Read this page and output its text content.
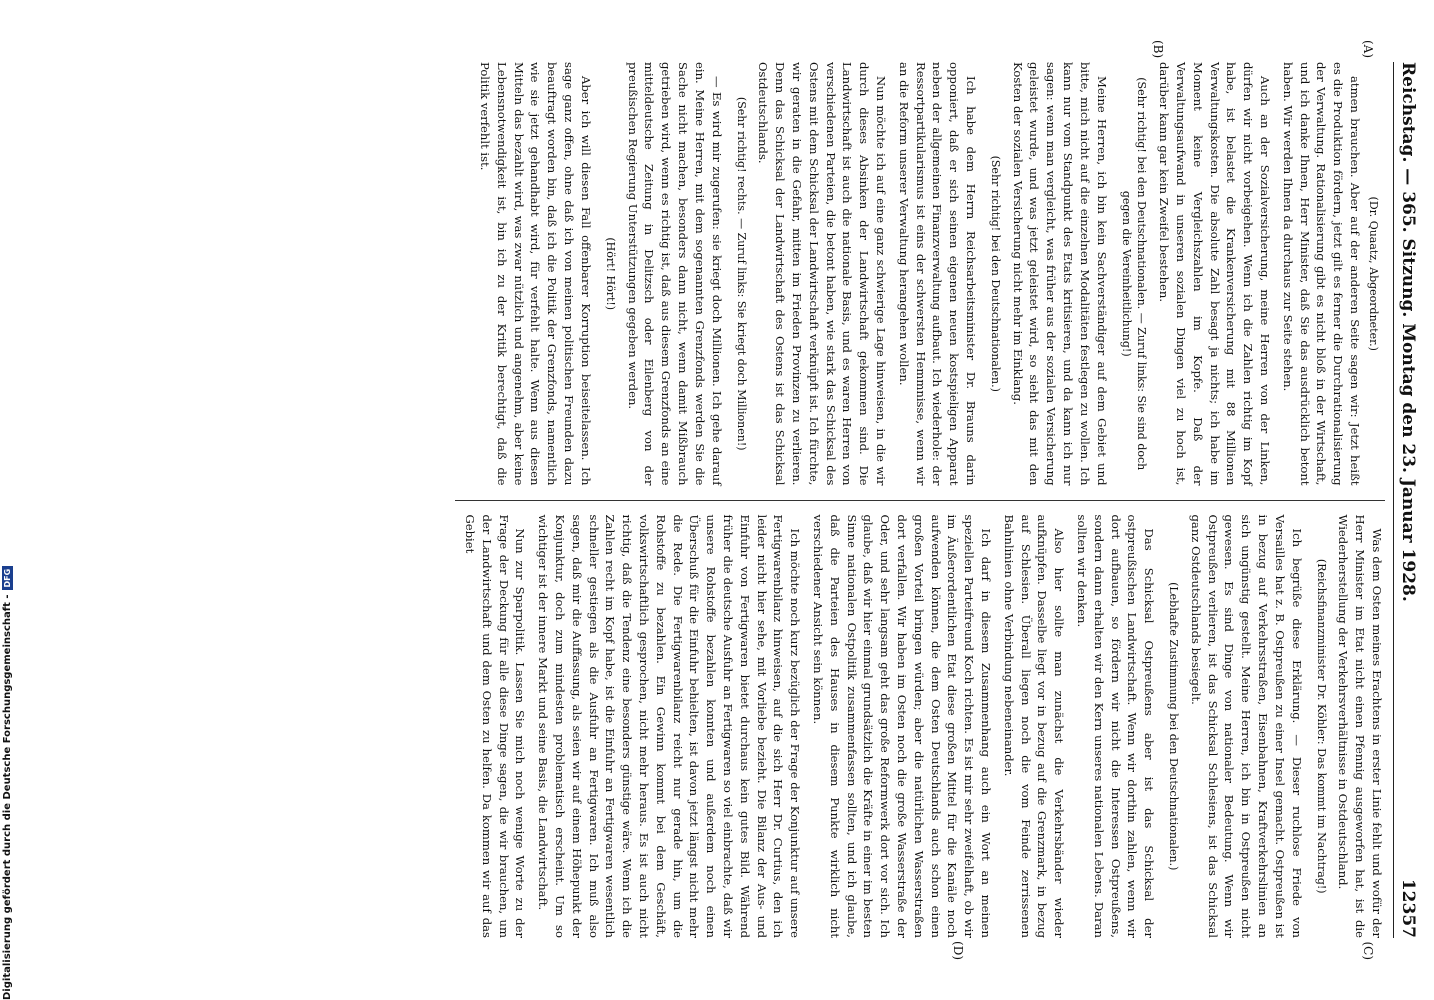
Reichstag. — 365. Sitzung. Montag den 23. Januar 1928.
12357
(A)
(B)
(C)
(D)

(Dr. Quaatz, Abgeordneter.)

atmen brauchen. Aber auf der anderen Seite sagen wir: Jetzt heißt es die Produktion fördern, jetzt gilt es ferner die Durchrationalisierung der Verwaltung. Rationalisierung gibt es nicht bloß in der Wirtschaft, und ich danke Ihnen, Herr Minister, daß Sie das ausdrücklich betont haben. Wir werden Ihnen da durchaus zur Seite stehen.

Auch an der Sozialversicherung, meine Herren von der Linken, dürfen wir nicht vorbeigehen. Wenn ich die Zahlen richtig im Kopf habe, ist belastet die Krankenversicherung mit 88 Millionen Verwaltungskosten. Die absolute Zahl besagt ja nichts; ich habe im Moment keine Vergleichszahlen im Kopfe. Daß der Verwaltungsaufwand in unseren sozialen Dingen viel zu hoch ist, darüber kann gar kein Zweifel bestehen.

(Sehr richtig! bei den Deutschnationalen. — Zuruf links: Sie sind doch gegen die Vereinheitlichung!)

Meine Herren, ich bin kein Sachverständiger auf dem Gebiet und bitte, mich nicht auf die einzelnen Modalitäten festlegen zu wollen. Ich kann nur vom Standpunkt des Etats kritisieren, und da kann ich nur sagen: wenn man vergleicht, was früher aus der sozialen Versicherung geleistet wurde, und was jetzt geleistet wird, so sieht das mit den Kosten der sozialen Versicherung nicht mehr im Einklang.

(Sehr richtig! bei den Deutschnationalen.)

Ich habe dem Herrn Reichsarbeitsminister Dr. Brauns darin opponiert, daß er sich seinen eigenen neuen kostspieligen Apparat neben der allgemeinen Finanzverwaltung aufbaut. Ich wiederhole: der Ressortpartikularismus ist eins der schwersten Hemmnisse, wenn wir an die Reform unserer Verwaltung herangehen wollen.

Nun möchte ich auf eine ganz schwierige Lage hinweisen, in die wir durch dieses Absinken der Landwirtschaft gekommen sind. Die Landwirtschaft ist auch die nationale Basis, und es waren Herren von verschiedenen Parteien, die betont haben, wie stark das Schicksal des Ostens mit dem Schicksal der Landwirtschaft verknüpft ist. Ich fürchte, wir geraten in die Gefahr, mitten im Frieden Provinzen zu verlieren. Denn das Schicksal der Landwirtschaft des Ostens ist das Schicksal Ostdeutschlands.

(Sehr richtig! rechts. — Zuruf links: Sie kriegt doch Millionen!)

— Es wird mir zugerufen: sie kriegt doch Millionen. Ich gehe darauf ein. Meine Herren, mit dem sogenannten Grenzfonds werden Sie die Sache nicht machen, besonders dann nicht, wenn damit Mißbrauch getrieben wird, wenn es richtig ist, daß aus diesem Grenzfonds an eine mitteldeutsche Zeitung in Delitzsch oder Eilenberg von der preußischen Regierung Unterstützungen gegeben werden.

(Hört! Hört!)

Aber ich will diesen Fall offenbarer Korruption beiseitelassen. Ich sage ganz offen, ohne daß ich von meinen politischen Freunden dazu beauftragt worden bin, daß ich die Politik der Grenzfonds, namentlich wie sie jetzt gehandhabt wird, für verfehlt halte. Wenn aus diesen Mitteln das bezahlt wird, was zwar nützlich und angenehm, aber keine Lebensnotwendigkeit ist, bin ich zu der Kritik berechtigt, daß die Politik verfehlt ist.

Was dem Osten meines Erachtens in erster Linie fehlt und wofür der Herr Minister im Etat nicht einen Pfennig ausgeworfen hat, ist die Wiederherstellung der Verkehrsverhältnisse in Ostdeutschland.

(Reichsfinanzminister Dr. Köhler: Das kommt im Nachtrag!)

Ich begrüße diese Erklärung. — Dieser ruchlose Friede von Versailles hat z. B. Ostpreußen zu einer Insel gemacht. Ostpreußen ist in bezug auf Verkehrsstraßen, Eisenbahnen, Kraftverkehrslinien an sich ungünstig gestellt. Meine Herren, ich bin in Ostpreußen nicht gewesen. Es sind Dinge von nationaler Bedeutung. Wenn wir Ostpreußen verlieren, ist das Schicksal Schlesiens, ist das Schicksal ganz Ostdeutschlands besiegelt.

(Lebhafte Zustimmung bei den Deutschnationalen.)

Das Schicksal Ostpreußens aber ist das Schicksal der ostpreußischen Landwirtschaft. Wenn wir dorthin zahlen, wenn wir dort aufbauen, so fördern wir nicht die Interessen Ostpreußens, sondern dann erhalten wir den Kern unseres nationalen Lebens. Daran sollten wir denken.

Also hier sollte man zunächst die Verkehrsbänder wieder aufknüpfen. Dasselbe liegt vor in bezug auf die Grenzmark, in bezug auf Schlesien. Überall liegen noch die vom Feinde zerrissenen Bahnlinien ohne Verbindung nebeneinander.

Ich darf in diesem Zusammenhang auch ein Wort an meinen speziellen Parteifreund Koch richten. Es ist mir sehr zweifelhaft, ob wir im Äußerordentlichen Etat diese großen Mittel für die Kanäle noch aufwenden können, die dem Osten Deutschlands auch schon einen großen Vorteil bringen würden; aber die natürlichen Wasserstraßen dort verfallen. Wir haben im Osten noch die große Wasserstraße der Oder, und sehr langsam geht das große Reformwerk dort vor sich. Ich glaube, daß wir hier einmal grundsätzlich die Kräfte in einer im besten Sinne nationalen Ostpolitik zusammenfassen sollten, und ich glaube, daß die Parteien des Hauses in diesem Punkte wirklich nicht verschiedener Ansicht sein können.

Ich möchte noch kurz bezüglich der Frage der Konjunktur auf unsere Fertigwarenbilanz hinweisen, auf die sich Herr Dr. Curtius, den ich leider nicht hier sehe, mit Vorliebe bezieht. Die Bilanz der Aus- und Einfuhr von Fertigwaren bietet durchaus kein gutes Bild. Während früher die deutsche Ausfuhr an Fertigwaren so viel einbrachte, daß wir unsere Rohstoffe bezahlen konnten und außerdem noch einen Überschuß für die Einfuhr behielten, ist davon jetzt längst nicht mehr die Rede. Die Fertigwarenbilanz reicht nur gerade hin, um die Rohstoffe zu bezahlen. Ein Gewinn kommt bei dem Geschäft, volkswirtschaftlich gesprochen, nicht mehr heraus. Es ist auch nicht richtig, daß die Tendenz eine besonders günstige wäre. Wenn ich die Zahlen recht im Kopf habe, ist die Einfuhr an Fertigwaren wesentlich schneller gestiegen als die Ausfuhr an Fertigwaren. Ich muß also sagen, daß mir die Auffassung, als seien wir auf einem Höhepunkt der Konjunktur, doch zum mindesten problematisch erscheint. Um so wichtiger ist der innere Markt und seine Basis, die Landwirtschaft.

Nun zur Sparpolitik. Lassen Sie mich noch wenige Worte zu der Frage der Deckung für alle diese Dinge sagen, die wir brauchen, um der Landwirtschaft und dem Osten zu helfen. Da kommen wir auf das Gebiet

Digitalisierung gefördert durch die Deutsche Forschungsgemeinschaft -
DFG
